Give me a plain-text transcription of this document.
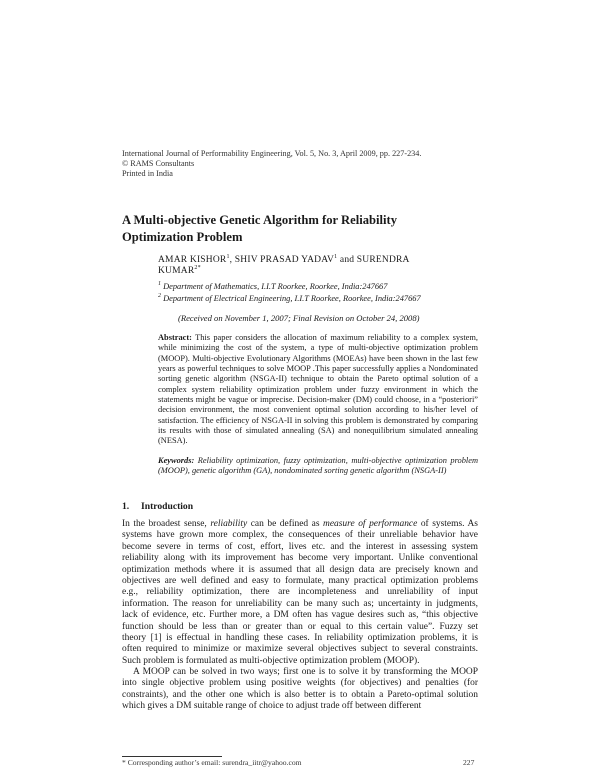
International Journal of Performability Engineering, Vol. 5, No. 3, April 2009, pp. 227-234.
© RAMS Consultants
Printed in India
A Multi-objective Genetic Algorithm for Reliability
Optimization Problem
AMAR KISHOR$^1$, SHIV PRASAD YADAV$^1$ and SURENDRA
$KUMAR^{2*}$
$^1$ Department of Mathematics, I.I.T Roorkee, Roorkee, India:247667
$^2$ Department of Electrical Engineering, I.I.T Roorkee, Roorkee, India:247667
(Received on November 1, 2007; Final Revision on October 24, 2008)
Abstract: This paper considers the allocation of maximum reliability to a complex system, while minimizing the cost of the system, a type of multi-objective optimization problem (MOOP). Multi-objective Evolutionary Algorithms (MOEAs) have been shown in the last few years as powerful techniques to solve MOOP .This paper successfully applies a Nondominated sorting genetic algorithm (NSGA-II) technique to obtain the Pareto optimal solution of a complex system reliability optimization problem under fuzzy environment in which the statements might be vague or imprecise. Decision-maker (DM) could choose, in a “posteriori” decision environment, the most convenient optimal solution according to his/her level of satisfaction. The efficiency of NSGA-II in solving this problem is demonstrated by comparing its results with those of simulated annealing (SA) and nonequilibrium simulated annealing (NESA).
Keywords: Reliability optimization, fuzzy optimization, multi-objective optimization problem (MOOP), genetic algorithm (GA), nondominated sorting genetic algorithm (NSGA-II)
1. Introduction
In the broadest sense, reliability can be defined as measure of performance of systems. As
systems have grown more complex, the consequences of their unreliable behavior have
become severe in terms of cost, effort, lives etc. and the interest in assessing system
reliability along with its improvement has become very important. Unlike conventional
optimization methods where it is assumed that all design data are precisely known and
objectives are well defined and easy to formulate, many practical optimization problems
e.g., reliability optimization, there are incompleteness and unreliability of input
information. The reason for unreliability can be many such as; uncertainty in judgments,
lack of evidence, etc. Further more, a DM often has vague desires such as, “this objective
function should be less than or greater than or equal to this certain value”. Fuzzy set
theory [1] is effectual in handling these cases. In reliability optimization problems, it is
often required to minimize or maximize several objectives subject to several constraints.
Such problem is formulated as multi-objective optimization problem (MOOP).
A MOOP can be solved in two ways; first one is to solve it by transforming the MOOP
into single objective problem using positive weights (for objectives) and penalties (for
constraints), and the other one which is also better is to obtain a Pareto-optimal solution
which gives a DM suitable range of choice to adjust trade off between different
* Corresponding author’s email: surendra_iitr@yahoo.com	227
